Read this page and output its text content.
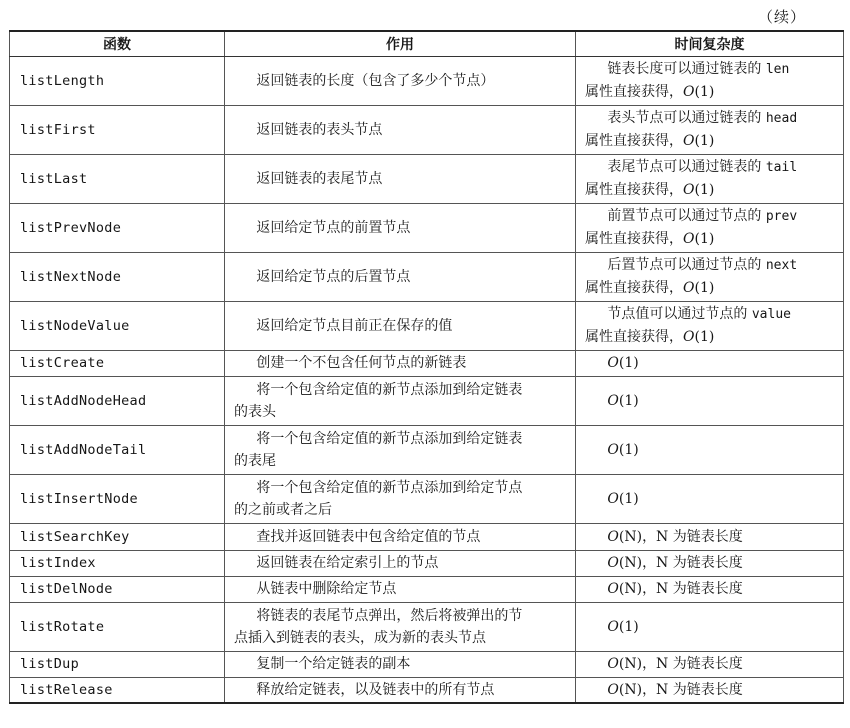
（续）
函数	作用	时间复杂度
listLength	返回链表的长度（包含了多少个节点）	链表长度可以通过链表的 len
属性直接获得，O(1)
listFirst	返回链表的表头节点	表头节点可以通过链表的 head
属性直接获得，O(1)
listLast	返回链表的表尾节点	表尾节点可以通过链表的 tail
属性直接获得，O(1)
listPrevNode	返回给定节点的前置节点	前置节点可以通过节点的 prev
属性直接获得，O(1)
listNextNode	返回给定节点的后置节点	后置节点可以通过节点的 next
属性直接获得，O(1)
listNodeValue	返回给定节点目前正在保存的值	节点值可以通过节点的 value
属性直接获得，O(1)
listCreate	创建一个不包含任何节点的新链表	O(1)

listAddNodeHead	将一个包含给定值的新节点添加到给定链表
的表头	O(1)

listAddNodeTail	将一个包含给定值的新节点添加到给定链表
的表尾	O(1)

listInsertNode	将一个包含给定值的新节点添加到给定节点
的之前或者之后	O(1)

listSearchKey	查找并返回链表中包含给定值的节点	O(N)，N 为链表长度

listIndex	返回链表在给定索引上的节点	O(N)，N 为链表长度

listDelNode	从链表中删除给定节点	O(N)，N 为链表长度

listRotate	将链表的表尾节点弹出，然后将被弹出的节
点插入到链表的表头，成为新的表头节点	O(1)

listDup	复制一个给定链表的副本	O(N)，N 为链表长度

listRelease	释放给定链表，以及链表中的所有节点	O(N)，N 为链表长度
